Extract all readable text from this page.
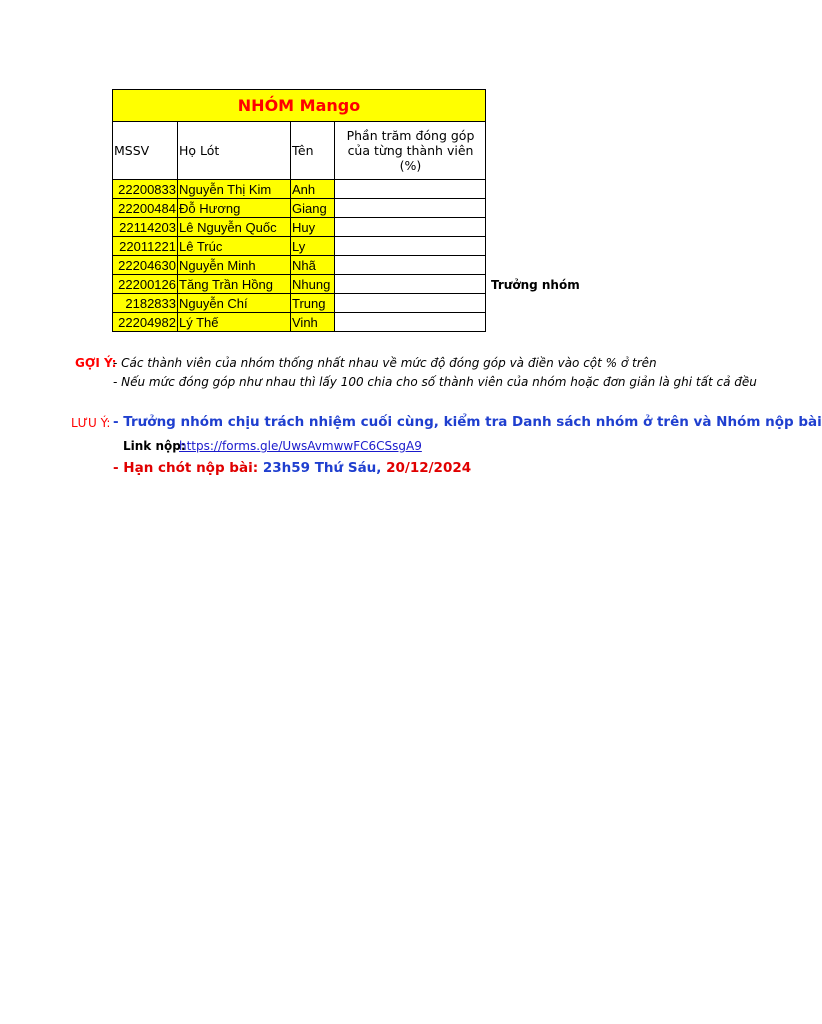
NHÓM Mango			
MSSV	Họ Lót	Tên	Phần trăm đóng góp của từng thành viên (%)
22200833	Nguyễn Thị Kim	Anh	
22200484	Đỗ Hương	Giang	
22114203	Lê Nguyễn Quốc	Huy	
22011221	Lê Trúc	Ly	
22204630	Nguyễn Minh	Nhã	
22200126	Tăng Trần Hồng	Nhung	
2182833	Nguyễn Chí	Trung	
22204982	Lý Thế	Vinh	
Trưởng nhóm
GỢI Ý:
- Các thành viên của nhóm thống nhất nhau về mức độ đóng góp và điền vào cột % ở trên
- Nếu mức đóng góp như nhau thì lấy 100 chia cho số thành viên của nhóm hoặc đơn giản là ghi tất cả đều
LƯU Ý: - Trưởng nhóm chịu trách nhiệm cuối cùng, kiểm tra Danh sách nhóm ở trên và Nhóm nộp bài
Link nộp:
https://forms.gle/UwsAvmwwFC6CSsgA9
- Hạn chót nộp bài: 23h59 Thứ Sáu, 20/12/2024
